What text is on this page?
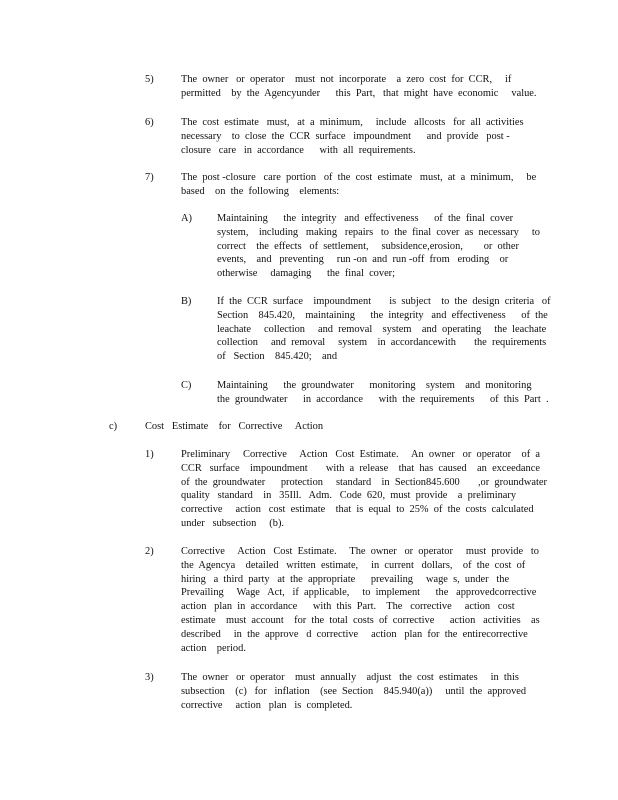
5)	The  owner   or  operator    must  not  incorporate    a  zero  cost  for  CCR,     if
permitted    by  the  Agencyunder      this  Part,   that  might  have  economic     value.
6)	The  cost  estimate   must,   at  a  minimum,     include   allcosts   for  all  activities
necessary    to  close  the  CCR  surface   impoundment      and  provide   post -
closure   care   in  accordance      with  all  requirements.
7)	The  post -closure   care  portion   of  the  cost  estimate   must,  at  a  minimum,     be
based    on  the  following    elements:
A) Maintaining      the  integrity   and  effectiveness      of  the  final  cover
system,    including   making   repairs   to  the  final  cover  as  necessary     to
correct    the  effects   of  settlement,     subsidence,erosion,        or  other
events,    and   preventing     run -on  and  run -off  from   eroding    or
otherwise     damaging      the  final  cover;
B) If  the  CCR  surface    impoundment       is  subject    to  the  design  criteria   of
Section    845.420,    maintaining      the  integrity   and  effectiveness      of  the
leachate     collection     and  removal    system    and  operating     the  leachate
collection     and  removal     system    in  accordancewith       the  requirements
of   Section    845.420;    and
C) Maintaining      the  groundwater      monitoring    system    and  monitoring
the  groundwater      in  accordance      with  the  requirements      of  this  Part  .
c)	Cost   Estimate    for   Corrective     Action
1)	Preliminary     Corrective     Action   Cost  Estimate.     An  owner   or  operator    of  a
CCR   surface    impoundment       with  a  release    that  has  caused    an  exceedance
of  the  groundwater      protection     standard    in  Section845.600       ,or  groundwater
quality   standard    in   35Ill.   Adm.   Code  620,  must  provide    a  preliminary
corrective     action   cost  estimate    that  is  equal  to  25%  of  the  costs  calculated
under   subsection     (b).
2)	Corrective     Action   Cost  Estimate.     The  owner   or  operator     must  provide   to
the  Agencya    detailed   written  estimate,     in  current   dollars,    of  the  cost  of
hiring   a  third  party   at  the  appropriate      prevailing     wage  s,  under   the
Prevailing     Wage   Act,   if  applicable,     to  implement      the   approvedcorrective
action   plan  in  accordance      with  this  Part.    The   corrective     action   cost
estimate    must  account    for  the  total  costs  of  corrective      action   activities    as
described     in  the  approve   d  corrective     action   plan  for  the  entirecorrective
action    period.
3)	The  owner   or  operator    must  annually    adjust   the  cost  estimates     in  this
subsection    (c)   for   inflation    (see  Section    845.940(a))     until  the  approved
corrective     action   plan   is  completed.
